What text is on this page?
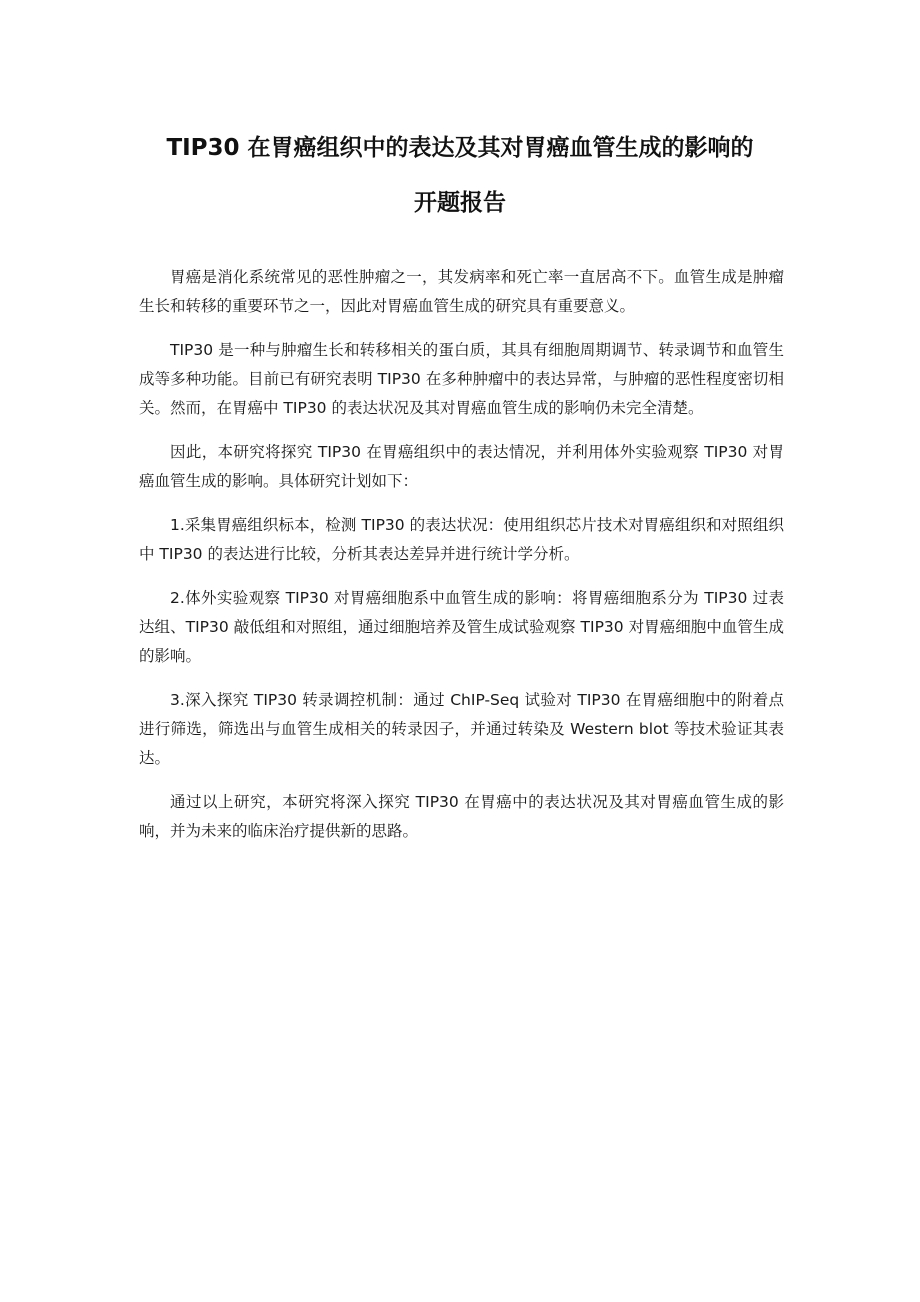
TIP30 在胃癌组织中的表达及其对胃癌血管生成的影响的
开题报告

胃癌是消化系统常见的恶性肿瘤之一，其发病率和死亡率一直居高不下。血管生成是肿瘤生长和转移的重要环节之一，因此对胃癌血管生成的研究具有重要意义。

TIP30 是一种与肿瘤生长和转移相关的蛋白质，其具有细胞周期调节、转录调节和血管生成等多种功能。目前已有研究表明 TIP30 在多种肿瘤中的表达异常，与肿瘤的恶性程度密切相关。然而，在胃癌中 TIP30 的表达状况及其对胃癌血管生成的影响仍未完全清楚。

因此，本研究将探究 TIP30 在胃癌组织中的表达情况，并利用体外实验观察 TIP30 对胃癌血管生成的影响。具体研究计划如下：

1.采集胃癌组织标本，检测 TIP30 的表达状况：使用组织芯片技术对胃癌组织和对照组织中 TIP30 的表达进行比较，分析其表达差异并进行统计学分析。

2.体外实验观察 TIP30 对胃癌细胞系中血管生成的影响：将胃癌细胞系分为 TIP30 过表达组、TIP30 敲低组和对照组，通过细胞培养及管生成试验观察 TIP30 对胃癌细胞中血管生成的影响。

3.深入探究 TIP30 转录调控机制：通过 ChIP-Seq 试验对 TIP30 在胃癌细胞中的附着点进行筛选，筛选出与血管生成相关的转录因子，并通过转染及 Western blot 等技术验证其表达。

通过以上研究，本研究将深入探究 TIP30 在胃癌中的表达状况及其对胃癌血管生成的影响，并为未来的临床治疗提供新的思路。
